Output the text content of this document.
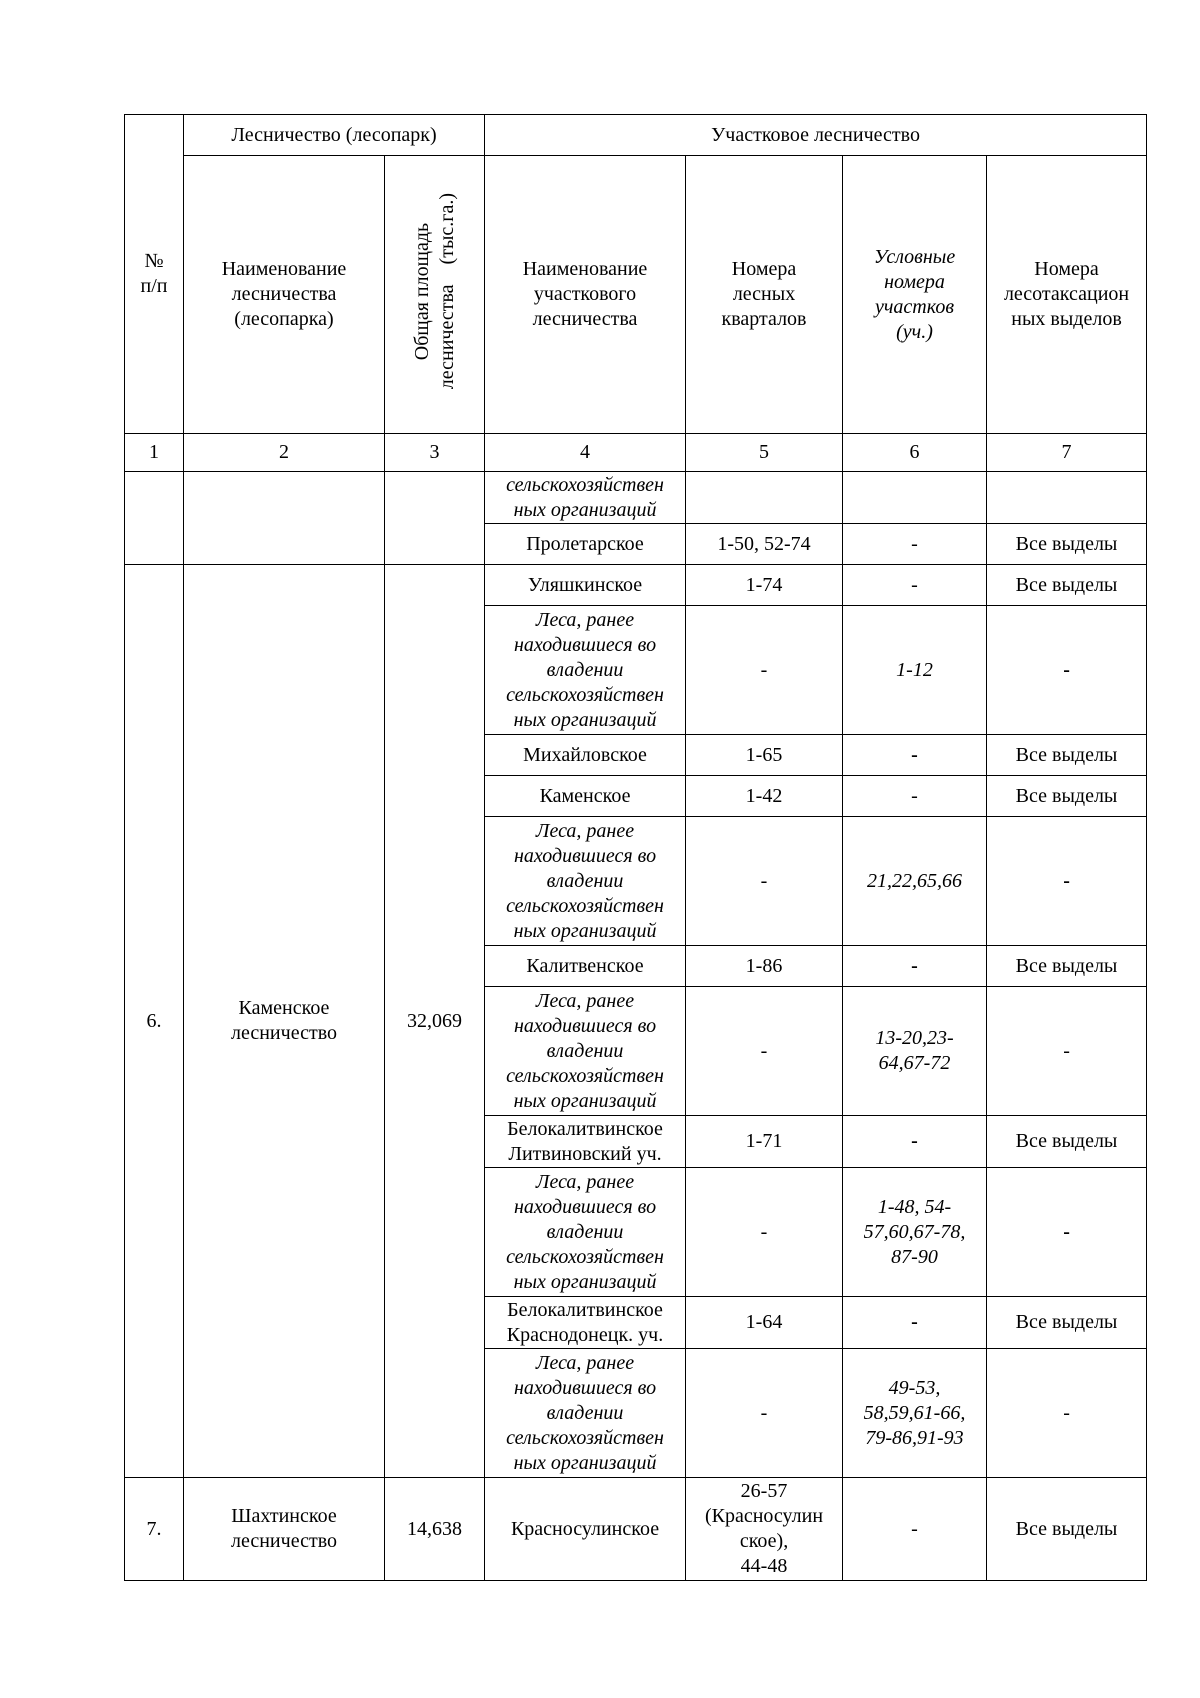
№ п/п	Лесничество (лесопарк)		Участковое лесничество			

	Наименование
лесничества
(лесопарка)	Общая площадь лесничества    (тыс.га.)	Наименование
участкового
лесничества	Номера
лесных
кварталов	Условные
номера
участков
(уч.)	Номера
лесотаксацион
ных выделов

1	2	3	4	5	6	7

			сельскохозяйствен
ных организаций			

			Пролетарское	1-50, 52-74	-	Все выделы
6.	Каменское
лесничество	32,069	Уляшкинское	1-74	-	Все выделы

			Леса, ранее
находившиеся во
владении
сельскохозяйствен
ных организаций	-	1-12	-
			Михайловское	1-65	-	Все выделы
			Каменское	1-42	-	Все выделы

			Леса, ранее
находившиеся во
владении
сельскохозяйствен
ных организаций	-	21,22,65,66	-
			Калитвенское	1-86	-	Все выделы

			Леса, ранее
находившиеся во
владении
сельскохозяйствен
ных организаций	-	13-20,23-
64,67-72	-

			Белокалитвинское
Литвиновский уч.	1-71	-	Все выделы

			Леса, ранее
находившиеся во
владении
сельскохозяйствен
ных организаций	-	1-48, 54-
57,60,67-78,
87-90	-

			Белокалитвинское
Краснодонецк. уч.	1-64	-	Все выделы

			Леса, ранее
находившиеся во
владении
сельскохозяйствен
ных организаций	-	49-53,
58,59,61-66,
79-86,91-93	-
7.	Шахтинское
лесничество	14,638	Красносулинское	26-57
(Красносулин
ское),
44-48	-	Все выделы
